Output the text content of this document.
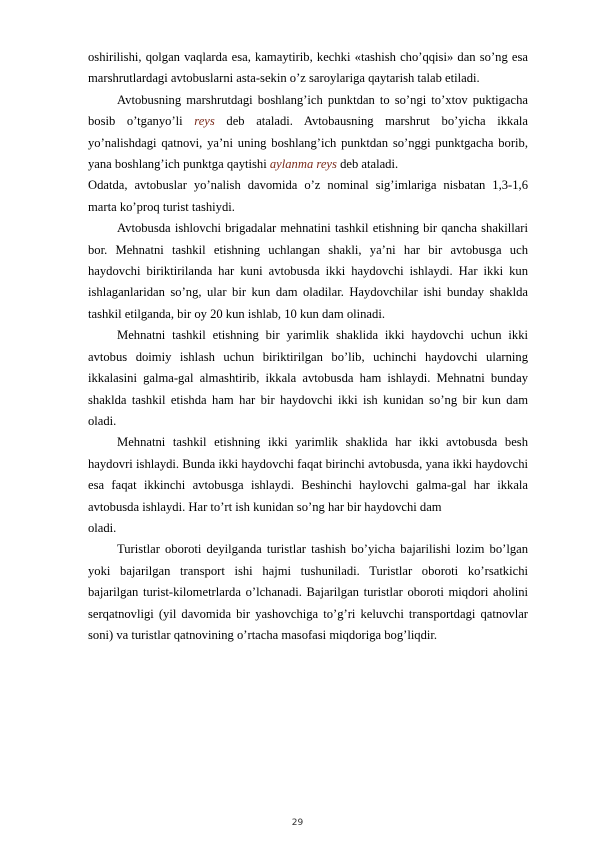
oshirilishi, qolgan vaqlarda esa, kamaytirib, kechki «tashish cho’qqisi» dan so’ng esa marshrutlardagi avtobuslarni asta-sekin o’z saroylariga qaytarish talab etiladi.

Avtobusning marshrutdagi boshlang’ich punktdan to so’ngi to’xtov puktigacha bosib o’tganyo’li reys deb ataladi. Avtobausning marshrut bo’yicha ikkala yo’nalishdagi qatnovi, ya’ni uning boshlang’ich punktdan so’nggi punktgacha borib, yana boshlang’ich punktga qaytishi aylanma reys deb ataladi.

Odatda, avtobuslar yo’nalish davomida o’z nominal sig’imlariga nisbatan 1,3-1,6 marta ko’proq turist tashiydi.

Avtobusda ishlovchi brigadalar mehnatini tashkil etishning bir qancha shakillari bor. Mehnatni tashkil etishning uchlangan shakli, ya’ni har bir avtobusga uch haydovchi biriktirilanda har kuni avtobusda ikki haydovchi ishlaydi. Har ikki kun ishlaganlaridan so’ng, ular bir kun dam oladilar. Haydovchilar ishi bunday shaklda tashkil etilganda, bir oy 20 kun ishlab, 10 kun dam olinadi.

Mehnatni tashkil etishning bir yarimlik shaklida ikki haydovchi uchun ikki avtobus doimiy ishlash uchun biriktirilgan bo’lib, uchinchi haydovchi ularning ikkalasini galma-gal almashtirib, ikkala avtobusda ham ishlaydi. Mehnatni bunday shaklda tashkil etishda ham har bir haydovchi ikki ish kunidan so’ng bir kun dam oladi.

Mehnatni tashkil etishning ikki yarimlik shaklida har ikki avtobusda besh haydovri ishlaydi. Bunda ikki haydovchi faqat birinchi avtobusda, yana ikki haydovchi esa faqat ikkinchi avtobusga ishlaydi. Beshinchi haylovchi galma-gal har ikkala avtobusda ishlaydi. Har to’rt ish kunidan so’ng har bir haydovchi dam

oladi.

Turistlar oboroti deyilganda turistlar tashish bo’yicha bajarilishi lozim bo’lgan yoki bajarilgan transport ishi hajmi tushuniladi. Turistlar oboroti ko’rsatkichi bajarilgan turist-kilometrlarda o’lchanadi. Bajarilgan turistlar oboroti miqdori aholini serqatnovligi (yil davomida bir yashovchiga to’g’ri keluvchi transportdagi qatnovlar soni) va turistlar qatnovining o’rtacha masofasi miqdoriga bog’liqdir.

29
